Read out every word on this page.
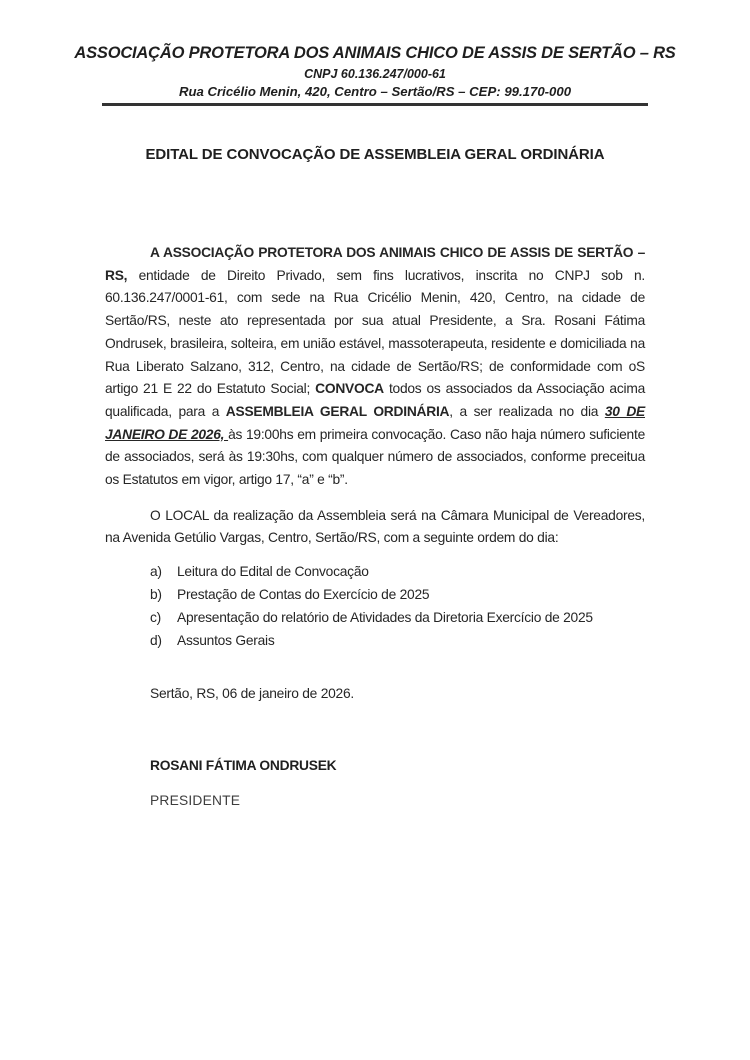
ASSOCIAÇÃO PROTETORA DOS ANIMAIS CHICO DE ASSIS DE SERTÃO – RS
CNPJ 60.136.247/000-61
Rua Cricélio Menin, 420, Centro – Sertão/RS – CEP: 99.170-000
EDITAL DE CONVOCAÇÃO DE ASSEMBLEIA GERAL ORDINÁRIA

A ASSOCIAÇÃO PROTETORA DOS ANIMAIS CHICO DE ASSIS DE SERTÃO – RS, entidade de Direito Privado, sem fins lucrativos, inscrita no CNPJ sob n. 60.136.247/0001-61, com sede na Rua Cricélio Menin, 420, Centro, na cidade de Sertão/RS, neste ato representada por sua atual Presidente, a Sra. Rosani Fátima Ondrusek, brasileira, solteira, em união estável, massoterapeuta, residente e domiciliada na Rua Liberato Salzano, 312, Centro, na cidade de Sertão/RS; de conformidade com oS artigo 21 E 22 do Estatuto Social; CONVOCA todos os associados da Associação acima qualificada, para a ASSEMBLEIA GERAL ORDINÁRIA, a ser realizada no dia 30 DE JANEIRO DE 2026, às 19:00hs em primeira convocação. Caso não haja número suficiente de associados, será às 19:30hs, com qualquer número de associados, conforme preceitua os Estatutos em vigor, artigo 17, “a” e “b”.

O LOCAL da realização da Assembleia será na Câmara Municipal de Vereadores, na Avenida Getúlio Vargas, Centro, Sertão/RS, com a seguinte ordem do dia:

a)	Leitura do Edital de Convocação
b)	Prestação de Contas do Exercício de 2025
c)	Apresentação do relatório de Atividades da Diretoria Exercício de 2025
d)	Assuntos Gerais

Sertão, RS, 06 de janeiro de 2026.

ROSANI FÁTIMA ONDRUSEK

PRESIDENTE
